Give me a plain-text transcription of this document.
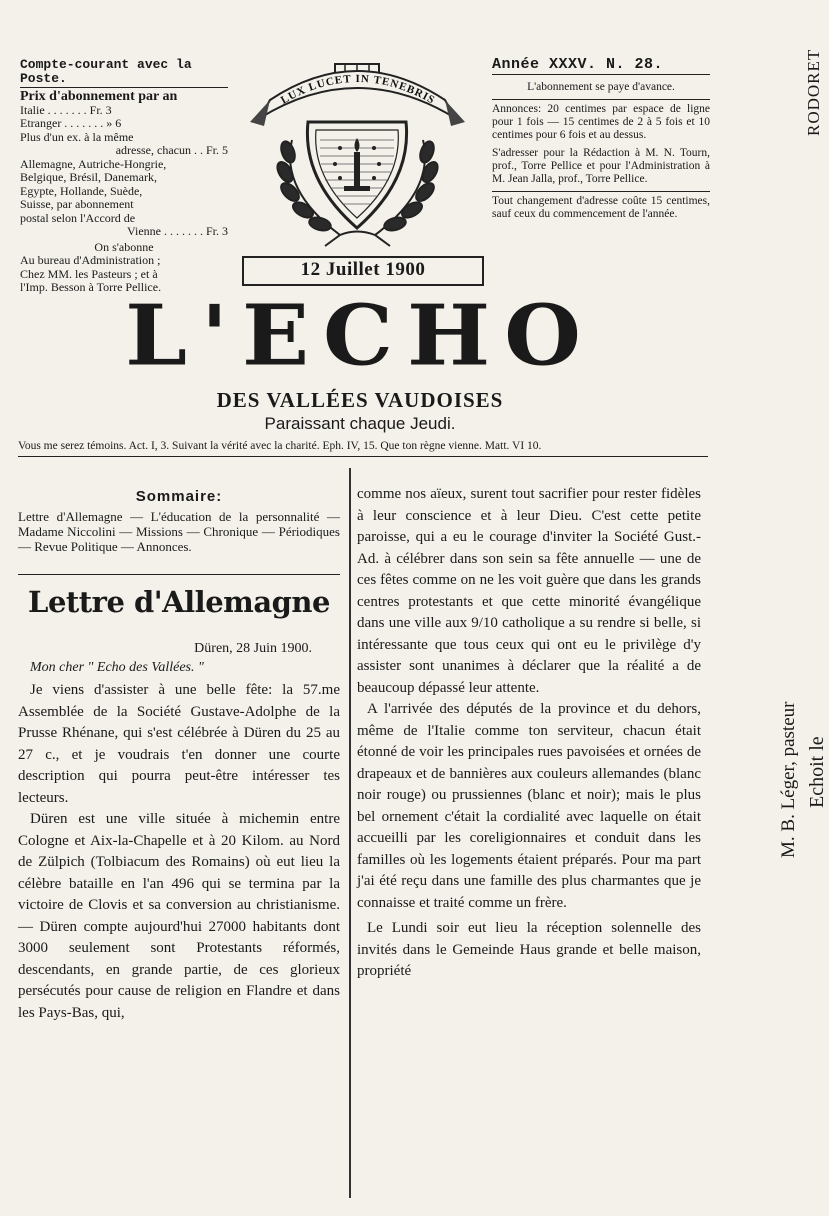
Compte-courant avec la Poste.
Prix d'abonnement par an
Italie . . . . . . . Fr. 3
Etranger . . . . . . . » 6
Plus d'un ex. à la même
adresse, chacun . . Fr. 5
Allemagne, Autriche-Hongrie,
Belgique, Brésil, Danemark,
Egypte, Hollande, Suède,
Suisse, par abonnement
postal selon l'Accord de
Vienne . . . . . . . Fr. 3
On s'abonne
Au bureau d'Administration ;
Chez MM. les Pasteurs ; et à
l'Imp. Besson à Torre Pellice.
LUX LUCET IN TENEBRIS
12 Juillet 1900
Année XXXV. N. 28.

L'abonnement se paye d'avance.

Annonces: 20 centimes par espace de ligne pour 1 fois — 15 centimes de 2 à 5 fois et 10 centimes pour 6 fois et au dessus.

S'adresser pour la Rédaction à M. N. Tourn, prof., Torre Pellice et pour l'Administration à M. Jean Jalla, prof., Torre Pellice.

Tout changement d'adresse coûte 15 centimes, sauf ceux du commencement de l'année.

L'ECHO
DES VALLÉES VAUDOISES
Paraissant chaque Jeudi.
Vous me serez témoins. Act. I, 3. Suivant la vérité avec la charité. Eph. IV, 15. Que ton règne vienne. Matt. VI 10.
Sommaire:

Lettre d'Allemagne — L'éducation de la personnalité — Madame Niccolini — Missions — Chronique — Périodiques — Revue Politique — Annonces.

Lettre d'Allemagne
Düren, 28 Juin 1900.
Mon cher " Echo des Vallées. "

Je viens d'assister à une belle fête: la 57.me Assemblée de la Société Gustave-Adolphe de la Prusse Rhénane, qui s'est célébrée à Düren du 25 au 27 c., et je voudrais t'en donner une courte description qui pourra peut-être intéresser tes lecteurs.

Düren est une ville située à michemin entre Cologne et Aix-la-Chapelle et à 20 Kilom. au Nord de Zülpich (Tolbiacum des Romains) où eut lieu la célèbre bataille en l'an 496 qui se termina par la victoire de Clovis et sa conversion au christianisme. — Düren compte aujourd'hui 27000 habitants dont 3000 seulement sont Protestants réformés, descendants, en grande partie, de ces glorieux persécutés pour cause de religion en Flandre et dans les Pays-Bas, qui,

comme nos aïeux, surent tout sacrifier pour rester fidèles à leur conscience et à leur Dieu. C'est cette petite paroisse, qui a eu le courage d'inviter la Société Gust.-Ad. à célébrer dans son sein sa fête annuelle — une de ces fêtes comme on ne les voit guère que dans les grands centres protestants et que cette minorité évangélique dans une ville aux 9/10 catholique a su rendre si belle, si intéressante que tous ceux qui ont eu le privilège d'y assister sont unanimes à déclarer que la réalité a de beaucoup dépassé leur attente.

A l'arrivée des députés de la province et du dehors, même de l'Italie comme ton serviteur, chacun était étonné de voir les principales rues pavoisées et ornées de drapeaux et de bannières aux couleurs allemandes (blanc noir rouge) ou prussiennes (blanc et noir); mais le plus bel ornement c'était la cordialité avec laquelle on était accueilli par les coreligionnaires et conduit dans les familles où les logements étaient préparés. Pour ma part j'ai été reçu dans une famille des plus charmantes que je connaisse et traité comme un frère.

Le Lundi soir eut lieu la réception solennelle des invités dans le Gemeinde Haus grande et belle maison, propriété

M. B. Léger, pasteur Echoit le
RODORET
